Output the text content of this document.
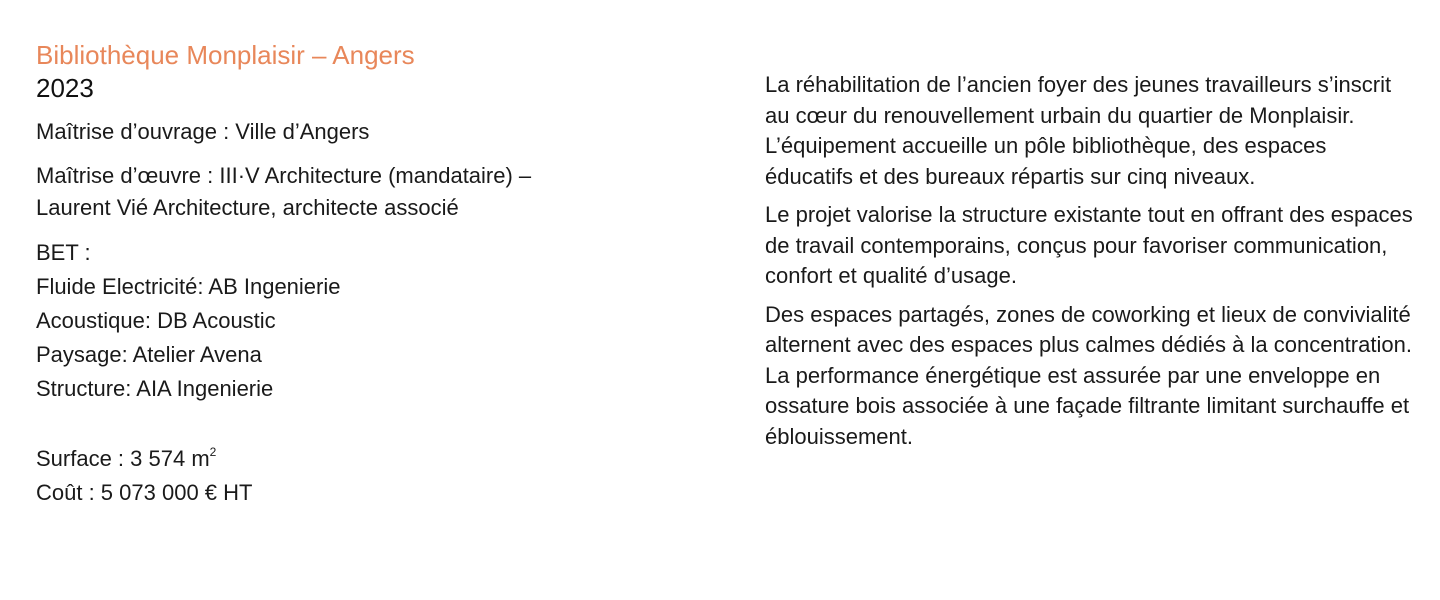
Bibliothèque Monplaisir – Angers
2023

Maîtrise d’ouvrage : Ville d’Angers

Maîtrise d’œuvre : III·V Architecture (mandataire) –

Laurent Vié Architecture, architecte associé

BET :

Fluide Electricité: AB Ingenierie

Acoustique: DB Acoustic

Paysage: Atelier Avena

Structure: AIA Ingenierie

Surface : 3 574 $m^2$

Coût : 5 073 000 € HT

La réhabilitation de l’ancien foyer des jeunes travailleurs s’inscrit au cœur du renouvellement urbain du quartier de Monplaisir. L’équipement accueille un pôle bibliothèque, des espaces éducatifs et des bureaux répartis sur cinq niveaux.

Le projet valorise la structure existante tout en offrant des espaces de travail contemporains, conçus pour favoriser communication, confort et qualité d’usage.

Des espaces partagés, zones de coworking et lieux de convivialité alternent avec des espaces plus calmes dédiés à la concentration. La performance énergétique est assurée par une enveloppe en ossature bois associée à une façade filtrante limitant surchauffe et éblouissement.
